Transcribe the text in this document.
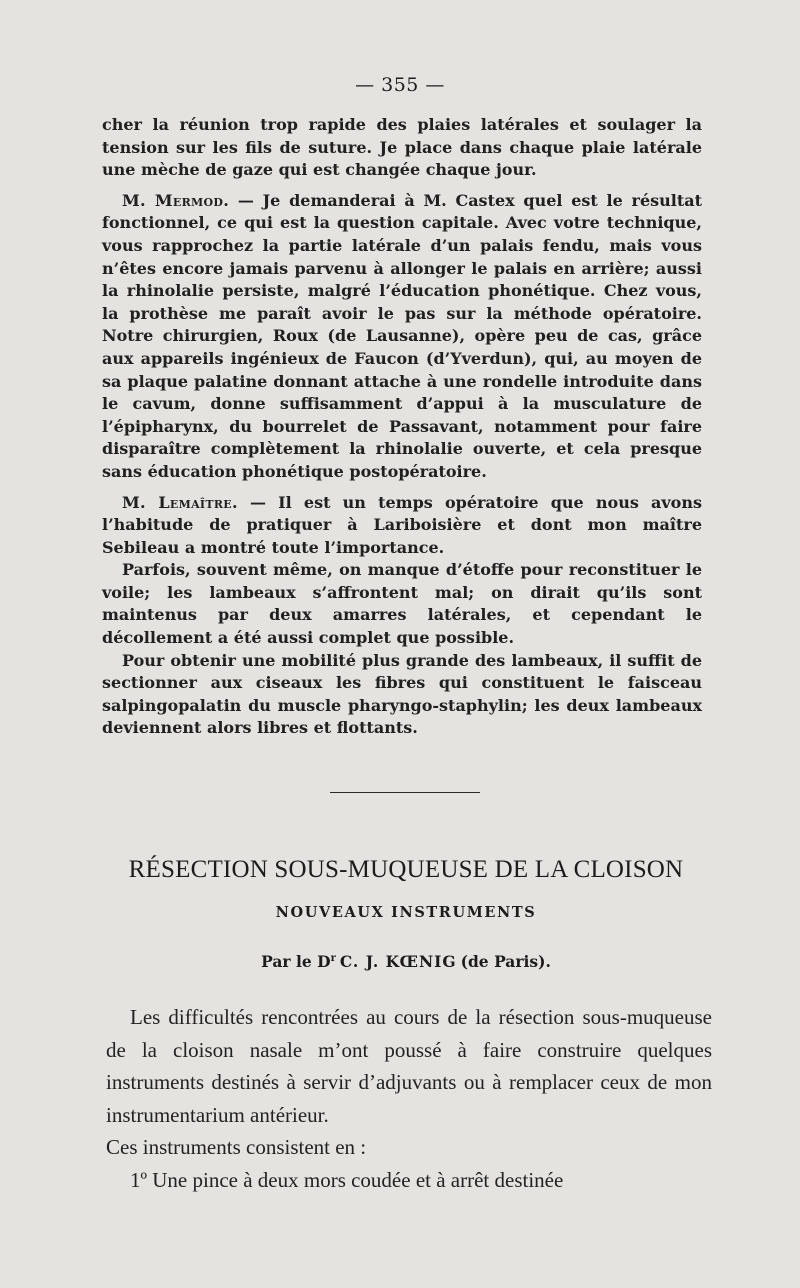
— 355 —

cher la réunion trop rapide des plaies latérales et soulager la tension sur les fils de suture. Je place dans chaque plaie latérale une mèche de gaze qui est changée chaque jour.

M. Mermod. — Je demanderai à M. Castex quel est le résultat fonctionnel, ce qui est la question capitale. Avec votre technique, vous rapprochez la partie latérale d’un palais fendu, mais vous n’êtes encore jamais parvenu à allonger le palais en arrière; aussi la rhinolalie persiste, malgré l’éducation phonétique. Chez vous, la prothèse me paraît avoir le pas sur la méthode opératoire. Notre chirurgien, Roux (de Lausanne), opère peu de cas, grâce aux appareils ingénieux de Faucon (d’Yverdun), qui, au moyen de sa plaque palatine donnant attache à une rondelle introduite dans le cavum, donne suffisamment d’appui à la musculature de l’épipharynx, du bourrelet de Passavant, notamment pour faire disparaître complètement la rhinolalie ouverte, et cela presque sans éducation phonétique postopératoire.

M. Lemaître. — Il est un temps opératoire que nous avons l’habitude de pratiquer à Lariboisière et dont mon maître Sebileau a montré toute l’importance.

Parfois, souvent même, on manque d’étoffe pour reconstituer le voile; les lambeaux s’affrontent mal; on dirait qu’ils sont maintenus par deux amarres latérales, et cependant le décollement a été aussi complet que possible.

Pour obtenir une mobilité plus grande des lambeaux, il suffit de sectionner aux ciseaux les fibres qui constituent le faisceau salpingopalatin du muscle pharyngo-staphylin; les deux lambeaux deviennent alors libres et flottants.

RÉSECTION SOUS-MUQUEUSE DE LA CLOISON
NOUVEAUX INSTRUMENTS
Par le $D^r$ C. J. KŒNIG (de Paris).

Les difficultés rencontrées au cours de la résection sous-muqueuse de la cloison nasale m’ont poussé à faire construire quelques instruments destinés à servir d’adjuvants ou à remplacer ceux de mon instrumentarium antérieur.

Ces instruments consistent en :

1º Une pince à deux mors coudée et à arrêt destinée
